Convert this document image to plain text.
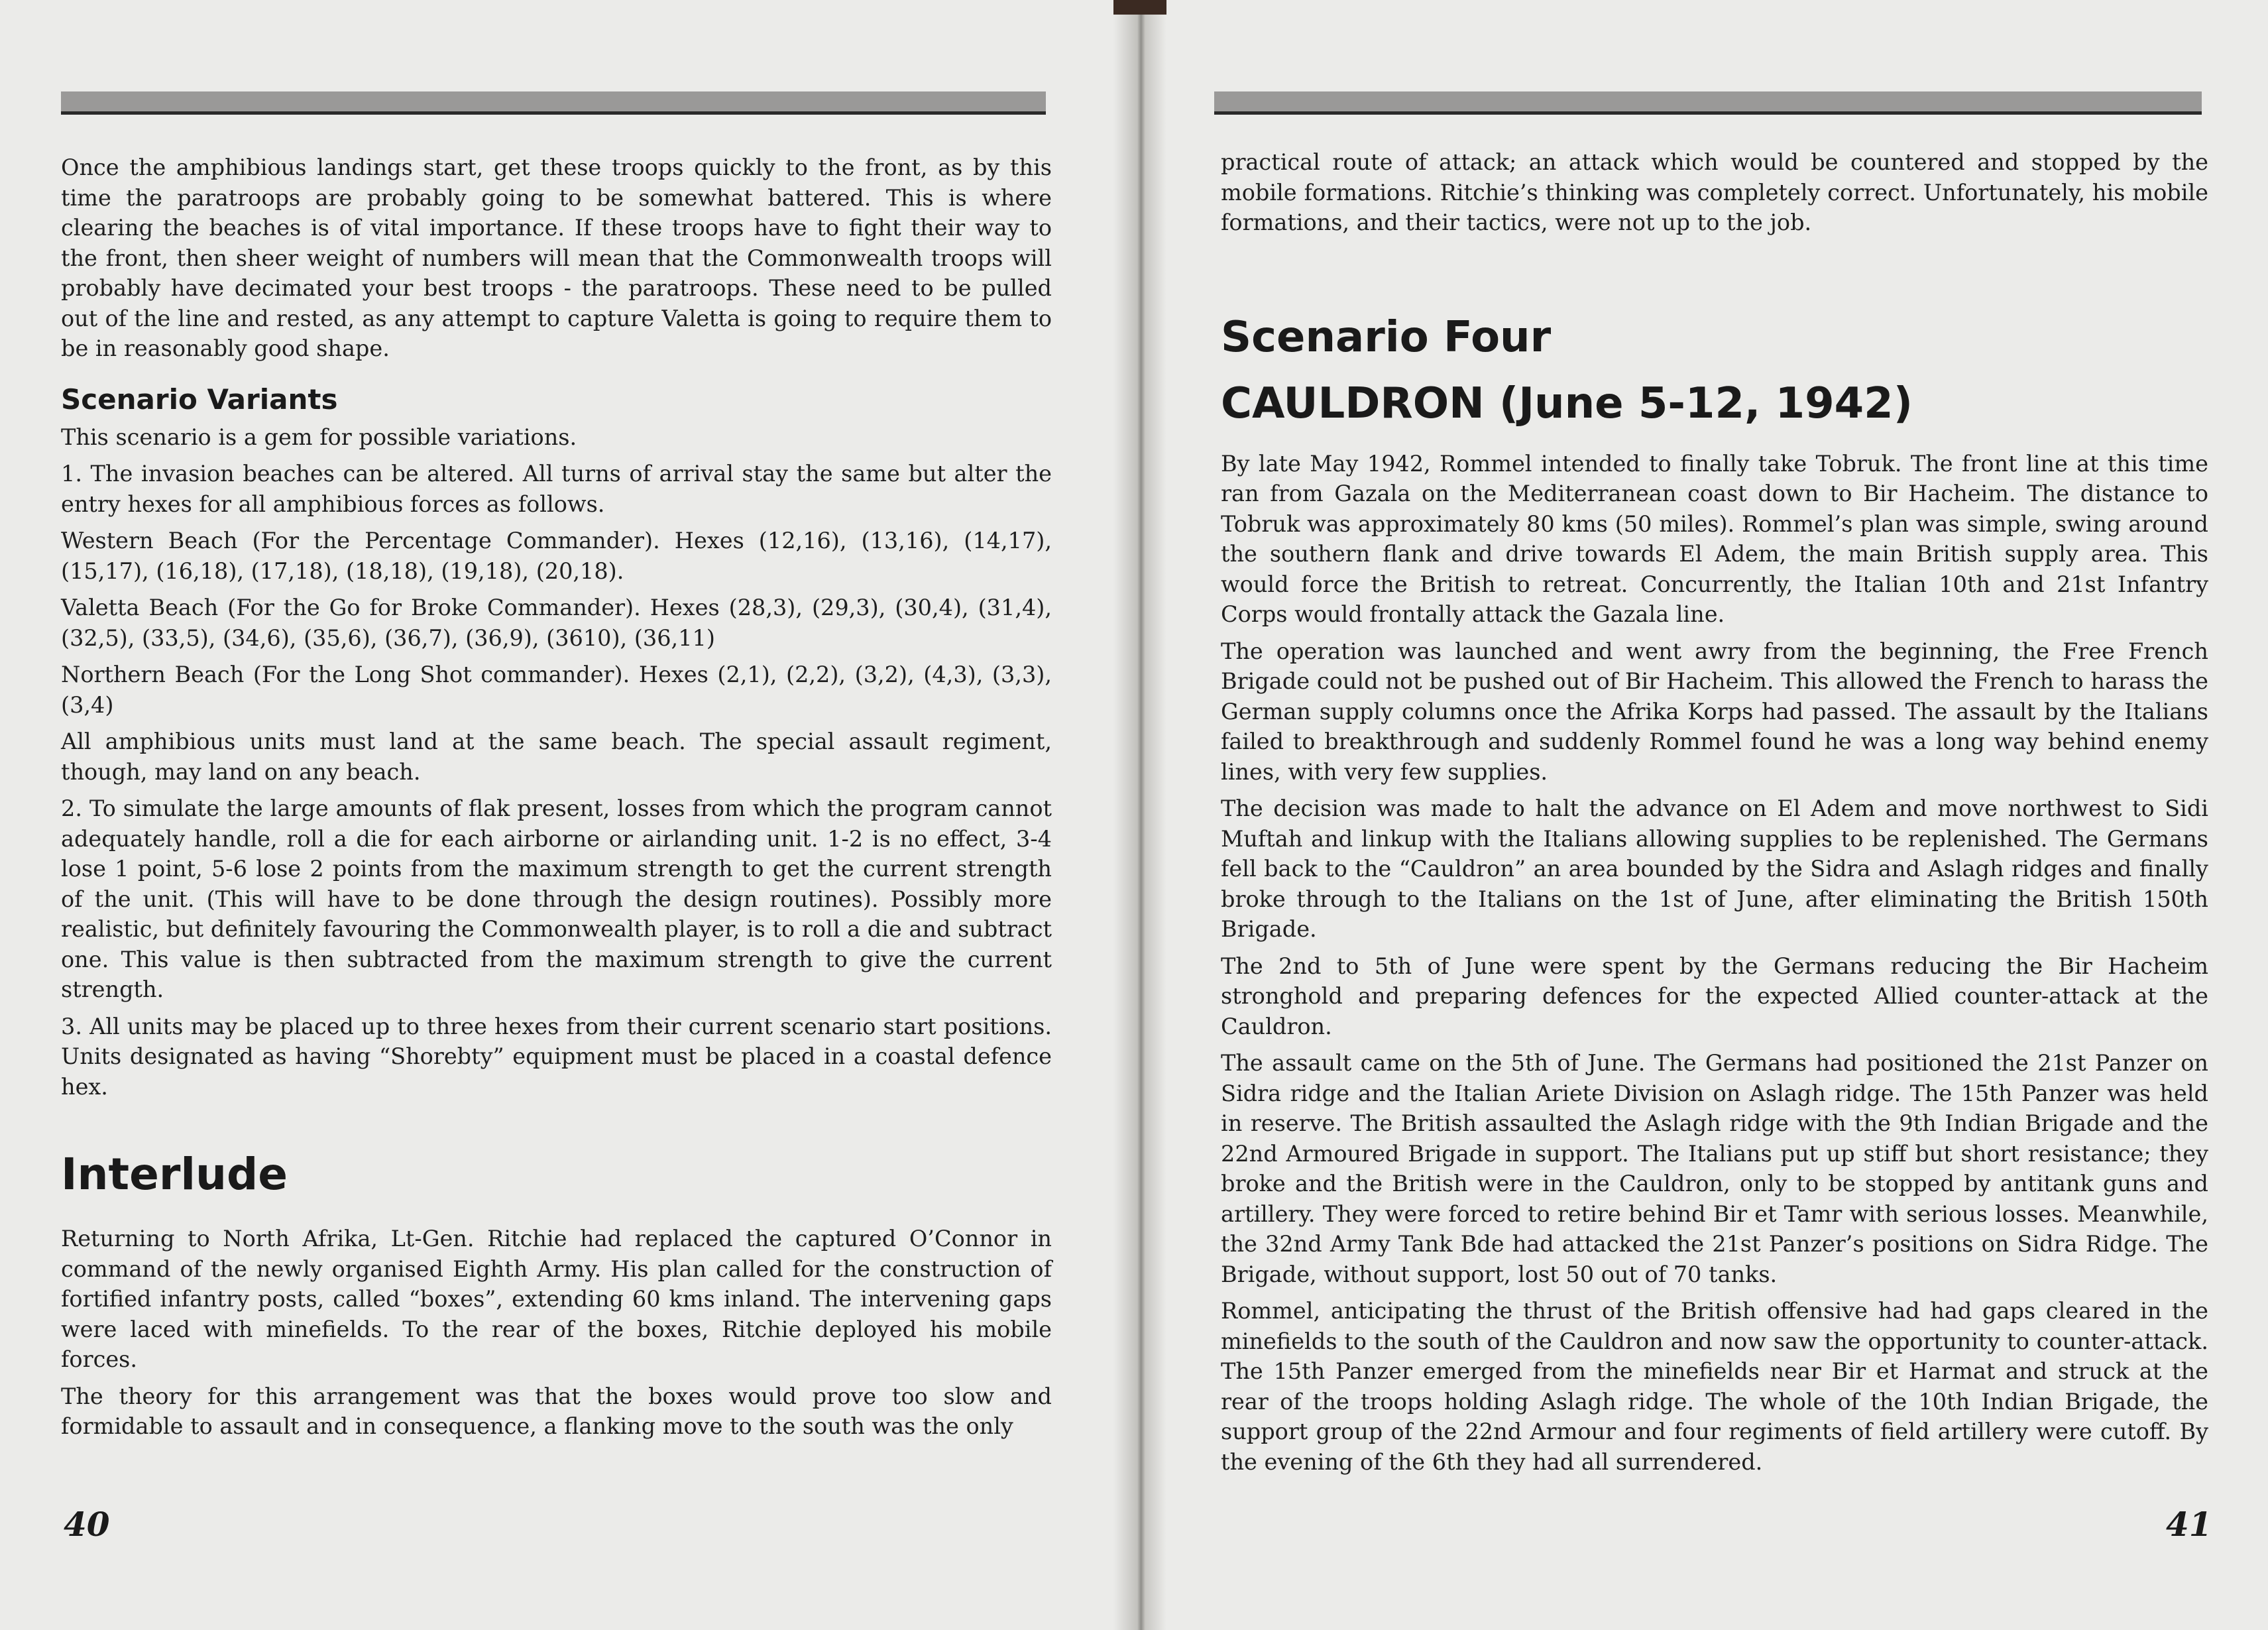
Once the amphibious landings start, get these troops quickly to the front, as by this time the paratroops are probably going to be somewhat battered. This is where clearing the beaches is of vital importance. If these troops have to fight their way to the front, then sheer weight of numbers will mean that the Commonwealth troops will probably have decimated your best troops - the paratroops. These need to be pulled out of the line and rested, as any attempt to capture Valetta is going to require them to be in reasonably good shape.

Scenario Variants

This scenario is a gem for possible variations.

1. The invasion beaches can be altered. All turns of arrival stay the same but alter the entry hexes for all amphibious forces as follows.

Western Beach (For the Percentage Commander). Hexes (12,16), (13,16), (14,17), (15,17), (16,18), (17,18), (18,18), (19,18), (20,18).

Valetta Beach (For the Go for Broke Commander). Hexes (28,3), (29,3), (30,4), (31,4), (32,5), (33,5), (34,6), (35,6), (36,7), (36,9), (3610), (36,11)

Northern Beach (For the Long Shot commander). Hexes (2,1), (2,2), (3,2), (4,3), (3,3), (3,4)

All amphibious units must land at the same beach. The special assault regiment, though, may land on any beach.

2. To simulate the large amounts of flak present, losses from which the program cannot adequately handle, roll a die for each airborne or airlanding unit. 1-2 is no effect, 3-4 lose 1 point, 5-6 lose 2 points from the maximum strength to get the current strength of the unit. (This will have to be done through the design routines). Possibly more realistic, but definitely favouring the Commonwealth player, is to roll a die and subtract one. This value is then subtracted from the maximum strength to give the current strength.

3. All units may be placed up to three hexes from their current scenario start positions. Units designated as having “Shorebty” equipment must be placed in a coastal defence hex.

Interlude

Returning to North Afrika, Lt-Gen. Ritchie had replaced the captured O’Connor in command of the newly organised Eighth Army. His plan called for the construction of fortified infantry posts, called “boxes”, extending 60 kms inland. The intervening gaps were laced with minefields. To the rear of the boxes, Ritchie deployed his mobile forces.

The theory for this arrangement was that the boxes would prove too slow and formidable to assault and in consequence, a flanking move to the south was the only

40

practical route of attack; an attack which would be countered and stopped by the mobile formations. Ritchie’s thinking was completely correct. Unfortunately, his mobile formations, and their tactics, were not up to the job.

Scenario Four
CAULDRON (June 5-12, 1942)

By late May 1942, Rommel intended to finally take Tobruk. The front line at this time ran from Gazala on the Mediterranean coast down to Bir Hacheim. The distance to Tobruk was approximately 80 kms (50 miles). Rommel’s plan was simple, swing around the southern flank and drive towards El Adem, the main British supply area. This would force the British to retreat. Concurrently, the Italian 10th and 21st Infantry Corps would frontally attack the Gazala line.

The operation was launched and went awry from the beginning, the Free French Brigade could not be pushed out of Bir Hacheim. This allowed the French to harass the German supply columns once the Afrika Korps had passed. The assault by the Italians failed to breakthrough and suddenly Rommel found he was a long way behind enemy lines, with very few supplies.

The decision was made to halt the advance on El Adem and move northwest to Sidi Muftah and linkup with the Italians allowing supplies to be replenished. The Germans fell back to the “Cauldron” an area bounded by the Sidra and Aslagh ridges and finally broke through to the Italians on the 1st of June, after eliminating the British 150th Brigade.

The 2nd to 5th of June were spent by the Germans reducing the Bir Hacheim stronghold and preparing defences for the expected Allied counter-attack at the Cauldron.

The assault came on the 5th of June. The Germans had positioned the 21st Panzer on Sidra ridge and the Italian Ariete Division on Aslagh ridge. The 15th Panzer was held in reserve. The British assaulted the Aslagh ridge with the 9th Indian Brigade and the 22nd Armoured Brigade in support. The Italians put up stiff but short resistance; they broke and the British were in the Cauldron, only to be stopped by antitank guns and artillery. They were forced to retire behind Bir et Tamr with serious losses. Meanwhile, the 32nd Army Tank Bde had attacked the 21st Panzer’s positions on Sidra Ridge. The Brigade, without support, lost 50 out of 70 tanks.

Rommel, anticipating the thrust of the British offensive had had gaps cleared in the minefields to the south of the Cauldron and now saw the opportunity to counter-attack. The 15th Panzer emerged from the minefields near Bir et Harmat and struck at the rear of the troops holding Aslagh ridge. The whole of the 10th Indian Brigade, the support group of the 22nd Armour and four regiments of field artillery were cutoff. By the evening of the 6th they had all surrendered.

41
